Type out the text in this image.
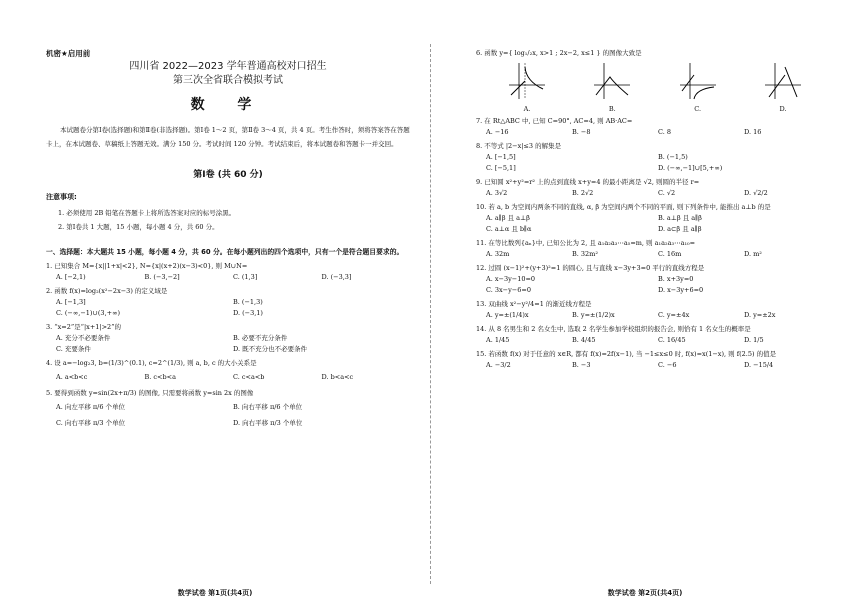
机密★启用前
四川省 2022—2023 学年普通高校对口招生
第三次全省联合模拟考试
数 学
本试题卷分第Ⅰ卷(选择题)和第Ⅱ卷(非选择题)。第Ⅰ卷 1～2 页，第Ⅱ卷 3～4 页，共 4 页。考生作答时，须将答案答在答题卡上，在本试题卷、草稿纸上答题无效。满分 150 分。考试时间 120 分钟。考试结束后，将本试题卷和答题卡一并交回。
第Ⅰ卷 (共 60 分)
注意事项:
1. 必须使用 2B 铅笔在答题卡上将所选答案对应的标号涂黑。
2. 第Ⅰ卷共 1 大题，15 小题，每小题 4 分，共 60 分。
一、选择题：本大题共 15 小题，每小题 4 分，共 60 分。在每小题列出的四个选项中，只有一个是符合题目要求的。
1. 已知集合 M={x||1+x|<2}, N={x|(x+2)(x−3)<0}, 则 M∪N=
A. [−2,1)	B. (−3,−2]	C. (1,3]	D. (−3,3]
2. 函数 f(x)=log₂(x²−2x−3) 的定义域是
A. [−1,3]	B. (−1,3)
C. (−∞,−1)∪(3,+∞)	D. (−3,1)
3. “x=2”是“|x+1|>2”的
A. 充分不必要条件	B. 必要不充分条件
C. 充要条件	D. 既不充分也不必要条件
4. 设 a=−log₂3, b=(1/3)^(0.1), c=2^(1/3), 则 a, b, c 的大小关系是
A. a<b<c	B. c<b<a	C. c<a<b	D. b<a<c
5. 要得到函数 y=sin(2x+π/3) 的图像, 只需要将函数 y=sin 2x 的图像
A. 向左平移 π/6 个单位	B. 向右平移 π/6 个单位
C. 向右平移 π/3 个单位	D. 向右平移 π/3 个单位
数学试卷 第1页(共4页)
6. 函数 y={ log₁/₂x, x>1 ; 2x−2, x≤1 } 的图像大致是
A.	B.	C.	D.
7. 在 Rt△ABC 中, 已知 C=90°, AC=4, 则 AB·AC=
A. −16	B. −8	C. 8	D. 16
8. 不等式 |2−x|≤3 的解集是
A. [−1,5]	B. (−1,5)
C. [−5,1]	D. (−∞,−1]∪[5,+∞)
9. 已知圆 x²+y²=r² 上的点到直线 x+y=4 的最小距离是 √2, 则圆的半径 r=
A. 3√2	B. 2√2	C. √2	D. √2/2
10. 若 a, b 为空间内两条不同的直线, α, β 为空间内两个不同的平面, 则下列条件中, 能推出 a⊥b 的是
A. a∥β 且 a⊥β	B. a⊥β 且 a∥β
C. a⊥α 且 b∥α	D. a⊂β 且 a∥β
11. 在等比数列{aₙ}中, 已知公比为 2, 且 a₁a₂a₃⋯a₅=m, 则 a₁a₂a₃⋯a₁₀=
A. 32m	B. 32m²	C. 16m	D. m²
12. 过圆 (x−1)²+(y+3)²=1 的圆心, 且与直线 x−3y+3=0 平行的直线方程是
A. x−3y−10=0	B. x+3y=0
C. 3x−y−6=0	D. x−3y+6=0
13. 双曲线 x²−y²/4=1 的渐近线方程是
A. y=±(1/4)x	B. y=±(1/2)x	C. y=±4x	D. y=±2x
14. 从 8 名男生和 2 名女生中, 选取 2 名学生参加学校组织的报告会, 则恰有 1 名女生的概率是
A. 1/45	B. 4/45	C. 16/45	D. 1/5
15. 若函数 f(x) 对于任意的 x∈R, 都有 f(x)=2f(x−1), 当 −1≤x≤0 时, f(x)=x(1−x), 则 f(2.5) 的值是
A. −3/2	B. −3	C. −6	D. −15/4
数学试卷 第2页(共4页)
